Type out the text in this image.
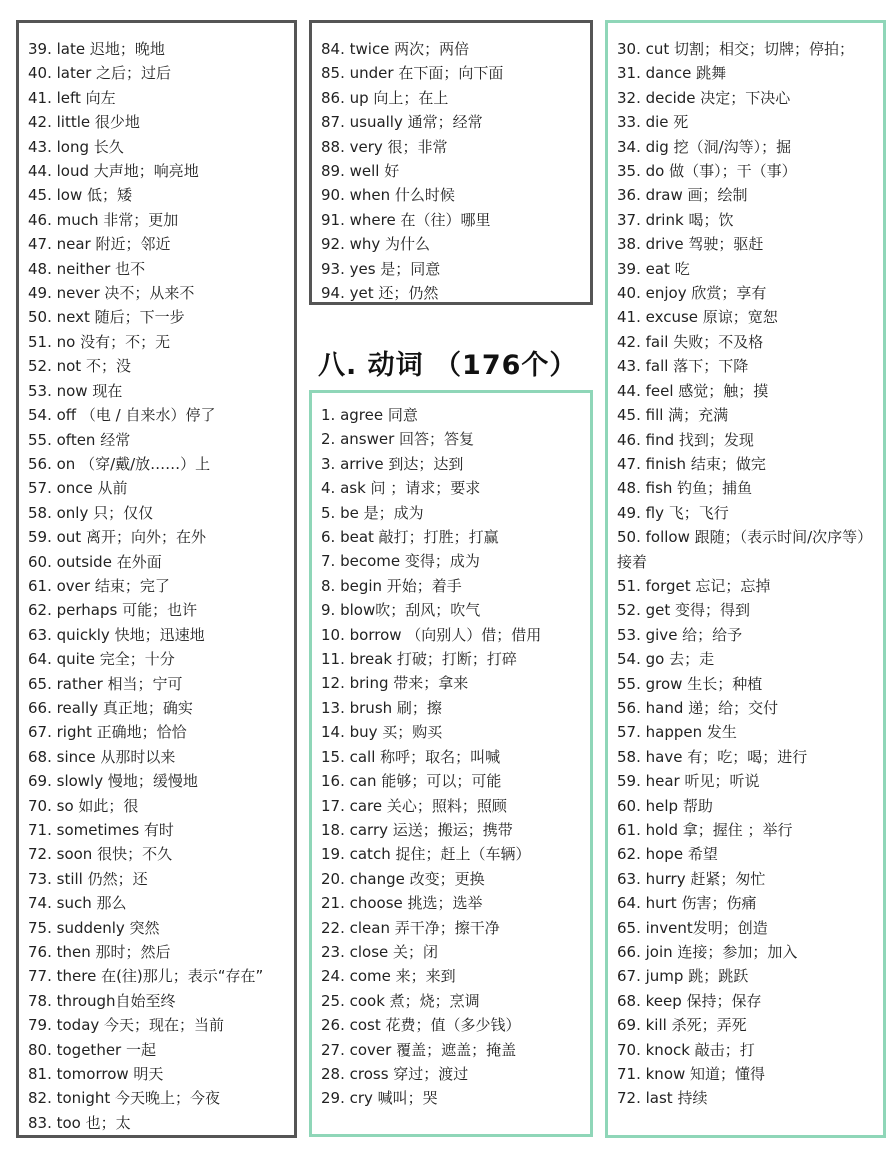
39. late 迟地；晚地
40. later 之后；过后
41. left 向左
42. little 很少地
43. long 长久
44. loud 大声地；响亮地
45. low 低；矮
46. much 非常；更加
47. near 附近；邻近
48. neither 也不
49. never 决不；从来不
50. next 随后；下一步
51. no 没有；不；无
52. not 不；没
53. now 现在
54. off （电 / 自来水）停了
55. often 经常
56. on （穿/戴/放……）上
57. once 从前
58. only 只；仅仅
59. out 离开；向外；在外
60. outside 在外面
61. over 结束；完了
62. perhaps 可能；也许
63. quickly 快地；迅速地
64. quite 完全；十分
65. rather 相当；宁可
66. really 真正地；确实
67. right 正确地；恰恰
68. since 从那时以来
69. slowly 慢地；缓慢地
70. so 如此；很
71. sometimes 有时
72. soon 很快；不久
73. still 仍然；还
74. such 那么
75. suddenly 突然
76. then 那时；然后
77. there 在(往)那儿；表示“存在”
78. through自始至终
79. today 今天；现在；当前
80. together 一起
81. tomorrow 明天
82. tonight 今天晚上；今夜
83. too 也；太
84. twice 两次；两倍
85. under 在下面；向下面
86. up 向上；在上
87. usually 通常；经常
88. very 很；非常
89. well 好
90. when 什么时候
91. where 在（往）哪里
92. why 为什么
93. yes 是；同意
94. yet 还；仍然
八. 动词 （176个）
1. agree 同意
2. answer 回答；答复
3. arrive 到达；达到
4. ask 问 ；请求；要求
5. be 是；成为
6. beat 敲打；打胜；打赢
7. become 变得；成为
8. begin 开始；着手
9. blow吹；刮风；吹气
10. borrow （向别人）借；借用
11. break 打破；打断；打碎
12. bring 带来；拿来
13. brush 刷；擦
14. buy 买；购买
15. call 称呼；取名；叫喊
16. can 能够；可以；可能
17. care 关心；照料；照顾
18. carry 运送；搬运；携带
19. catch 捉住；赶上（车辆）
20. change 改变；更换
21. choose 挑选；选举
22. clean 弄干净；擦干净
23. close 关；闭
24. come 来；来到
25. cook 煮；烧；烹调
26. cost 花费；值（多少钱）
27. cover 覆盖；遮盖；掩盖
28. cross 穿过；渡过
29. cry 喊叫；哭
30. cut 切割；相交；切牌；停拍；
31. dance 跳舞
32. decide 决定；下决心
33. die 死
34. dig 挖（洞/沟等）；掘
35. do 做（事）；干（事）
36. draw 画；绘制
37. drink 喝；饮
38. drive 驾驶；驱赶
39. eat 吃
40. enjoy 欣赏；享有
41. excuse 原谅；宽恕
42. fail 失败；不及格
43. fall 落下；下降
44. feel 感觉；触；摸
45. fill 满；充满
46. find 找到；发现
47. finish 结束；做完
48. fish 钓鱼；捕鱼
49. fly 飞；飞行
50. follow 跟随；（表示时间/次序等）接着
51. forget 忘记；忘掉
52. get 变得；得到
53. give 给；给予
54. go 去；走
55. grow 生长；种植
56. hand 递；给；交付
57. happen 发生
58. have 有；吃；喝；进行
59. hear 听见；听说
60. help 帮助
61. hold 拿；握住 ；举行
62. hope 希望
63. hurry 赶紧；匆忙
64. hurt 伤害；伤痛
65. invent发明；创造
66. join 连接；参加；加入
67. jump 跳；跳跃
68. keep 保持；保存
69. kill 杀死；弄死
70. knock 敲击；打
71. know 知道；懂得
72. last 持续
